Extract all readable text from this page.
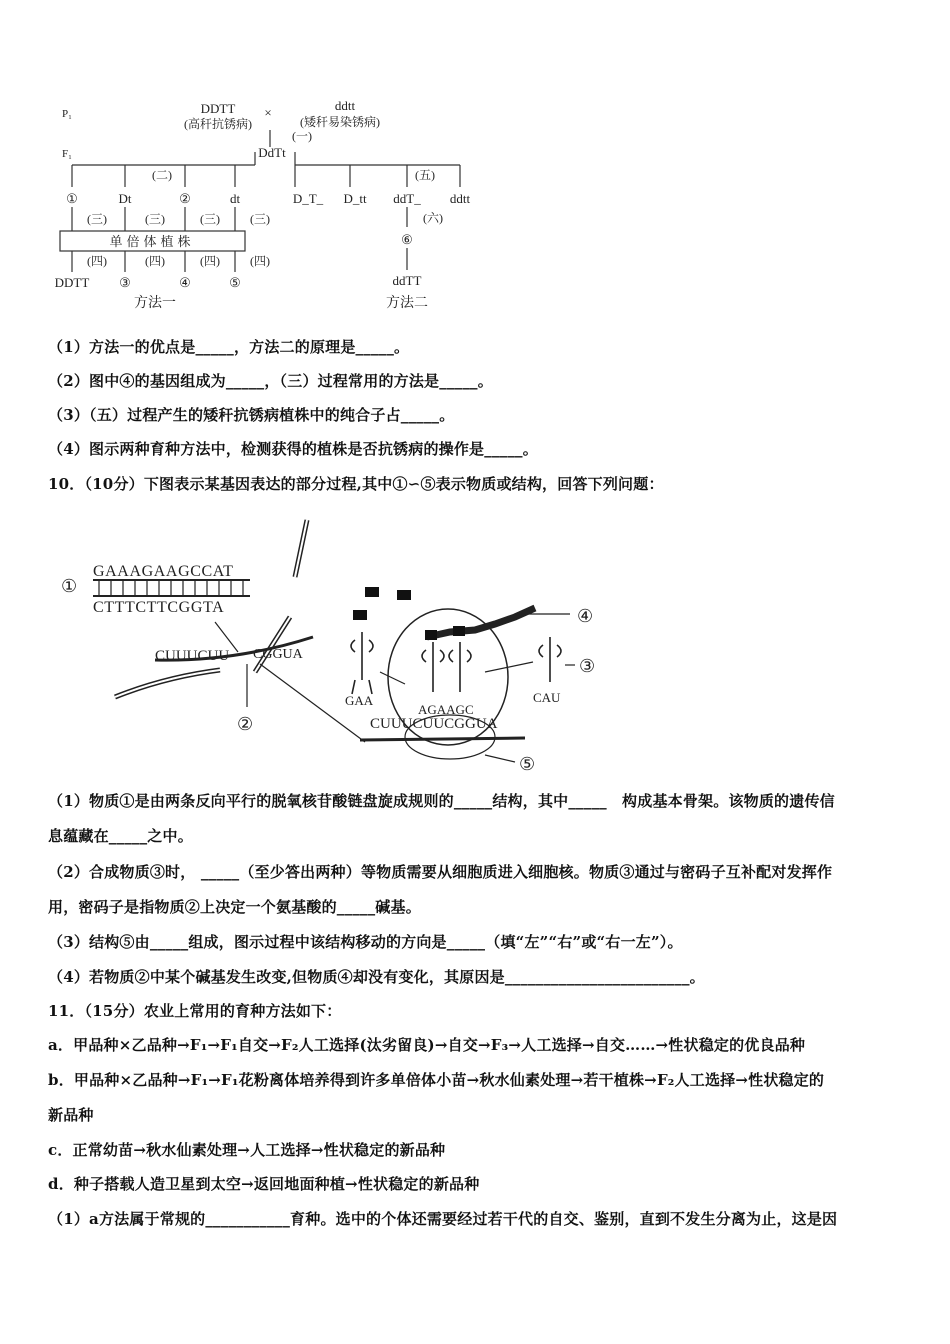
P₁
F₁
DDTT
(高秆抗锈病)
×	ddtt
(矮秆易染锈病)
(一)
DdTt
(二)	(五)
①	Dt	②	dt
(三)	(三)	(三)	(三)
单倍体植株
(四)	(四)	(四)	(四)
DDTT ③	④	⑤
D_T_ D_tt ddT_ ddtt
(六)
⑥
ddTT
方法一	方法二
①
GAAAGAAGCCAT
CTTTCTTCGGTA
CUUUCUU CGGUA
②
④
③
⑤
GAA
AGAAGC
CAU
CUUUCUUCGGUA
（1）方法一的优点是_____，方法二的原理是_____。
（2）图中④的基因组成为_____，（三）过程常用的方法是_____。
（3）（五）过程产生的矮秆抗锈病植株中的纯合子占_____。
（4）图示两种育种方法中，检测获得的植株是否抗锈病的操作是_____。
10．（10分）下图表示某基因表达的部分过程,其中①∽⑤表示物质或结构，回答下列问题：
（1）物质①是由两条反向平行的脱氧核苷酸链盘旋成规则的_____结构，其中_____　构成基本骨架。该物质的遗传信
息蕴藏在_____之中。
（2）合成物质③时， _____（至少答出两种）等物质需要从细胞质进入细胞核。物质③通过与密码子互补配对发挥作
用，密码子是指物质②上决定一个氨基酸的_____碱基。
（3）结构⑤由_____组成，图示过程中该结构移动的方向是_____（填“左”“右”或“右一左”）。
（4）若物质②中某个碱基发生改变,但物质④却没有变化，其原因是________________________。
11．（15分）农业上常用的育种方法如下：
a．甲品种×乙品种→F₁→F₁自交→F₂人工选择(汰劣留良)→自交→F₃→人工选择→自交……→性状稳定的优良品种
b．甲品种×乙品种→F₁→F₁花粉离体培养得到许多单倍体小苗→秋水仙素处理→若干植株→F₂人工选择→性状稳定的
新品种
c．正常幼苗→秋水仙素处理→人工选择→性状稳定的新品种
d．种子搭载人造卫星到太空→返回地面种植→性状稳定的新品种
（1）a方法属于常规的___________育种。选中的个体还需要经过若干代的自交、鉴别，直到不发生分离为止，这是因
